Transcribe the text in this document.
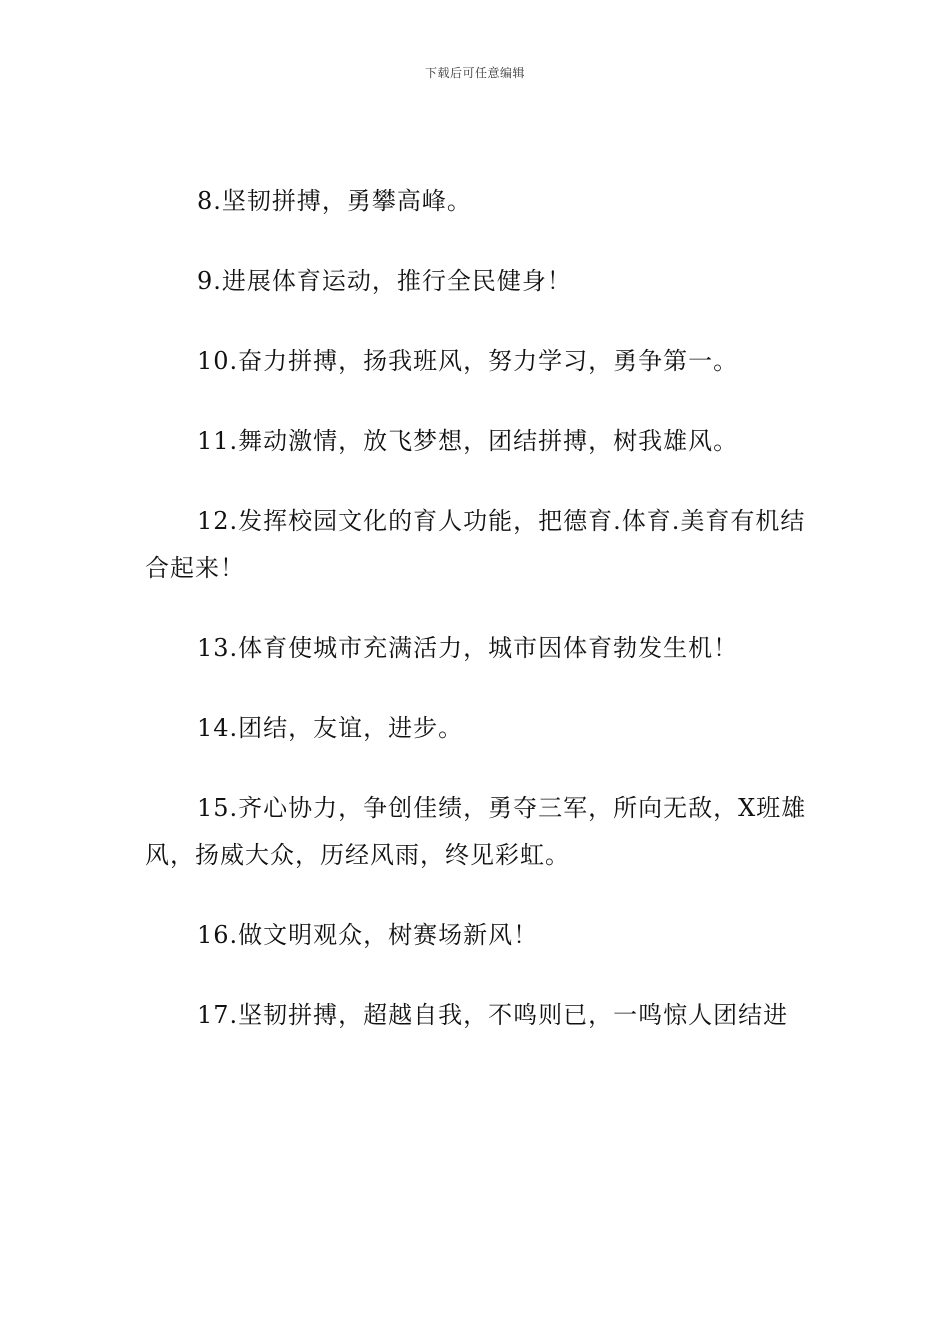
下载后可任意编辑

8.坚韧拼搏，勇攀高峰。

9.进展体育运动，推行全民健身！

10.奋力拼搏，扬我班风，努力学习，勇争第一。

11.舞动激情，放飞梦想，团结拼搏，树我雄风。

12.发挥校园文化的育人功能，把德育.体育.美育有机结合起来！

13.体育使城市充满活力，城市因体育勃发生机！

14.团结，友谊，进步。

15.齐心协力，争创佳绩，勇夺三军，所向无敌，X班雄风，扬威大众，历经风雨，终见彩虹。

16.做文明观众，树赛场新风！

17.坚韧拼搏，超越自我，不鸣则已，一鸣惊人团结进
